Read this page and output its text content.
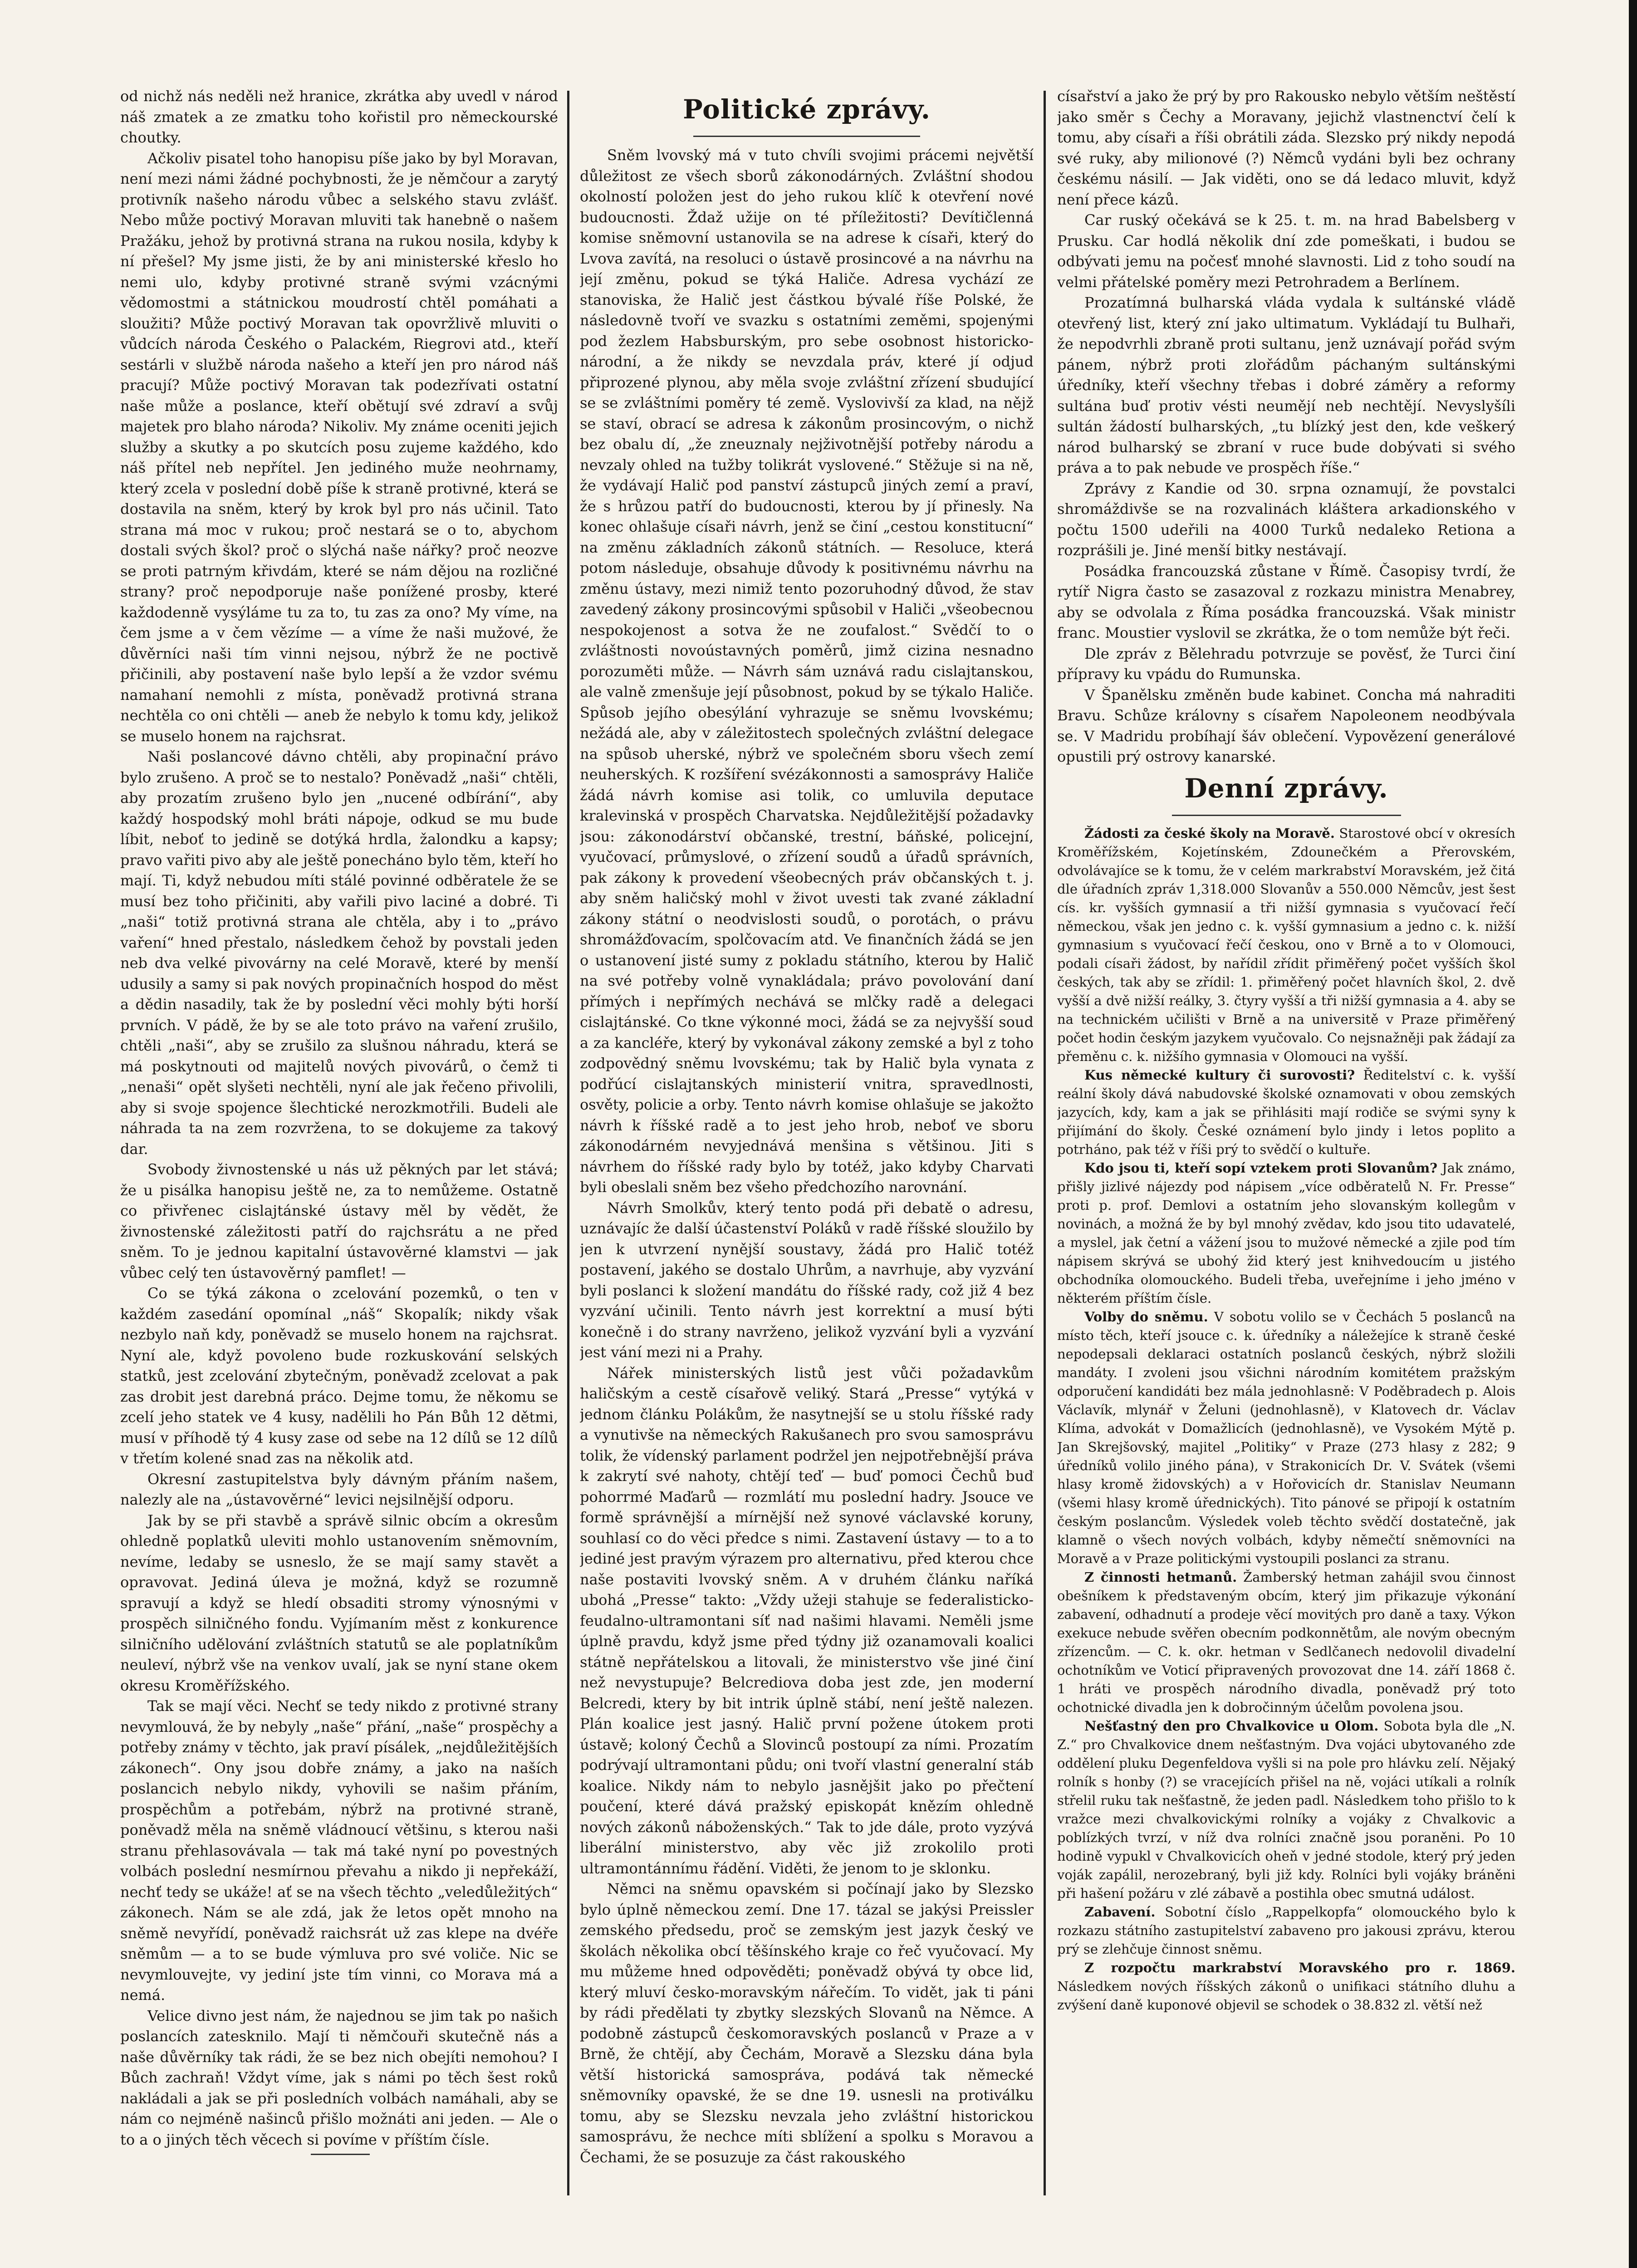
od nichž nás neděli než hranice, zkrátka aby uvedl v národ náš zmatek a ze zmatku toho kořistil pro německourské choutky.

Ačkoliv pisatel toho hanopisu píše jako by byl Moravan, není mezi námi žádné pochybnosti, že je němčour a zarytý protivník našeho národu vůbec a selského stavu zvlášť. Nebo může poctivý Moravan mluviti tak hanebně o našem Pražáku, jehož by protivná strana na rukou nosila, kdyby k ní přešel? My jsme jisti, že by ani ministerské křeslo ho nemi ulo, kdyby protivné straně svými vzácnými vědomostmi a státnickou moudrostí chtěl pomáhati a sloužiti? Může poctivý Moravan tak opovržlivě mluviti o vůdcích národa Českého o Palackém, Riegrovi atd., kteří sestárli v službě národa našeho a kteří jen pro národ náš pracují? Může poctivý Moravan tak podezřívati ostatní naše může a poslance, kteří obětují své zdraví a svůj majetek pro blaho národa? Nikoliv. My známe oceniti jejich služby a skutky a po skutcích posu zujeme každého, kdo náš přítel neb nepřítel. Jen jediného muže neohrnamy, který zcela v poslední době píše k straně protivné, která se dostavila na sněm, který by krok byl pro nás učinil. Tato strana má moc v rukou; proč nestará se o to, abychom dostali svých škol? proč o slýchá naše nářky? proč neozve se proti patrným křivdám, které se nám dějou na rozličné strany? proč nepodporuje naše ponížené prosby, které každodenně vysýláme tu za to, tu zas za ono? My víme, na čem jsme a v čem vězíme — a víme že naši mužové, že důvěrníci naši tím vinni nejsou, nýbrž že ne poctivě přičinili, aby postavení naše bylo lepší a že vzdor svému namahaní nemohli z místa, poněvadž protivná strana nechtěla co oni chtěli — aneb že nebylo k tomu kdy, jelikož se muselo honem na rajchsrat.

Naši poslancové dávno chtěli, aby propinační právo bylo zrušeno. A proč se to nestalo? Poněvadž „naši“ chtěli, aby prozatím zrušeno bylo jen „nucené odbírání“, aby každý hospodský mohl bráti nápoje, odkud se mu bude líbit, neboť to jedině se dotýká hrdla, žalondku a kapsy; pravo vařiti pivo aby ale ještě ponecháno bylo těm, kteří ho mají. Ti, když nebudou míti stálé povinné odběratele že se musí bez toho přičiniti, aby vařili pivo laciné a dobré. Ti „naši“ totiž protivná strana ale chtěla, aby i to „právo vaření“ hned přestalo, následkem čehož by povstali jeden neb dva velké pivovárny na celé Moravě, které by menší udusily a samy si pak nových propinačních hospod do měst a dědin nasadily, tak že by poslední věci mohly býti horší prvních. V pádě, že by se ale toto právo na vaření zrušilo, chtěli „naši“, aby se zrušilo za slušnou náhradu, která se má poskytnouti od majitelů nových pivovárů, o čemž ti „nenaši“ opět slyšeti nechtěli, nyní ale jak řečeno přivolili, aby si svoje spojence šlechtické nerozkmotřili. Budeli ale náhrada ta na zem rozvržena, to se dokujeme za takový dar.

Svobody živnostenské u nás už pěkných par let stává; že u pisálka hanopisu ještě ne, za to nemůžeme. Ostatně co přivřenec cislajtánské ústavy měl by vědět, že živnostenské záležitosti patří do rajchsrátu a ne před sněm. To je jednou kapitalní ústavověrné klamstvi — jak vůbec celý ten ústavověrný pamflet! —

Co se týká zákona o zcelování pozemků, o ten v každém zasedání opomínal „náš“ Skopalík; nikdy však nezbylo naň kdy, poněvadž se muselo honem na rajchsrat. Nyní ale, když povoleno bude rozkuskování selských statků, jest zcelování zbytečným, poněvadž zcelovat a pak zas drobit jest darebná práco. Dejme tomu, že někomu se zcelí jeho statek ve 4 kusy, nadělili ho Pán Bůh 12 dětmi, musí v příhodě tý 4 kusy zase od sebe na 12 dílů se 12 dílů v třetím kolené snad zas na několik atd.

Okresní zastupitelstva byly dávným přáním našem, nalezly ale na „ústavověrné“ levici nejsilnější odporu.

Jak by se při stavbě a správě silnic obcím a okresům ohledně poplatků uleviti mohlo ustanovením sněmovním, nevíme, ledaby se usneslo, že se mají samy stavět a opravovat. Jediná úleva je možná, když se rozumně spravují a když se hledí obsaditi stromy výnosnými v prospěch silničného fondu. Vyjímaním měst z konkurence silničního udělování zvláštních statutů se ale poplatníkům neuleví, nýbrž vše na venkov uvalí, jak se nyní stane okem okresu Kroměřížského.

Tak se mají věci. Nechť se tedy nikdo z protivné strany nevymlouvá, že by nebyly „naše“ přání, „naše“ prospěchy a potřeby známy v těchto, jak praví písálek, „nejdůležitějších zákonech“. Ony jsou dobře známy, a jako na naších poslancich nebylo nikdy, vyhovili se našim přáním, prospěchům a potřebám, nýbrž na protivné straně, poněvadž měla na sněmě vládnoucí většinu, s kterou naši stranu přehlasovávala — tak má také nyní po povestných volbách poslední nesmírnou převahu a nikdo ji nepřekáží, nechť tedy se ukáže! ať se na všech těchto „veledůležitých“ zákonech. Nám se ale zdá, jak že letos opět mnoho na sněmě nevyřídí, poněvadž raichsrát už zas klepe na dvéře sněmům — a to se bude výmluva pro své voliče. Nic se nevymlouvejte, vy jediní jste tím vinni, co Morava má a nemá.

Velice divno jest nám, že najednou se jim tak po našich poslancích zatesknilo. Mají ti němčouři skutečně nás a naše důvěrníky tak rádi, že se bez nich obejíti nemohou? I Bůch zachraň! Vždyt víme, jak s námi po těch šest roků nakládali a jak se při posledních volbách namáhali, aby se nám co nejméně našinců přišlo možnáti ani jeden. — Ale o to a o jiných těch věcech si povíme v příštím čísle.

Politické zprávy.

Sněm lvovský má v tuto chvíli svojimi prácemi největší důležitost ze všech sborů zákonodárných. Zvláštní shodou okolností položen jest do jeho rukou klíč k otevření nové budoucnosti. Ždaž užije on té příležitosti? Devítičlenná komise sněmovní ustanovila se na adrese k císaři, který do Lvova zavítá, na resoluci o ústavě prosincové a na návrhu na její změnu, pokud se týká Haliče. Adresa vychází ze stanoviska, že Halič jest částkou bývalé říše Polské, že následovně tvoří ve svazku s ostatními zeměmi, spojenými pod žezlem Habsburským, pro sebe osobnost historicko-národní, a že nikdy se nevzdala práv, které jí odjud připrozené plynou, aby měla svoje zvláštní zřízení sbudující se se zvláštními poměry té země. Vyslovivší za klad, na nějž se staví, obrací se adresa k zákonům prosincovým, o nichž bez obalu dí, „že zneuznaly nejživotnější potřeby národu a nevzaly ohled na tužby tolikrát vyslovené.“ Stěžuje si na ně, že vydávají Halič pod panství zástupců jiných zemí a praví, že s hrůzou patří do budoucnosti, kterou by jí přinesly. Na konec ohlašuje císaři návrh, jenž se činí „cestou konstitucní“ na změnu základních zákonů státních. — Resoluce, která potom následuje, obsahuje důvody k positivnému návrhu na změnu ústavy, mezi nimiž tento pozoruhodný důvod, že stav zavedený zákony prosincovými spůsobil v Haliči „všeobecnou nespokojenost a sotva že ne zoufalost.“ Svědčí to o zvláštnosti novoústavných poměrů, jimž cizina nesnadno porozuměti může. — Návrh sám uznává radu cislajtanskou, ale valně zmenšuje její působnost, pokud by se týkalo Haliče. Spůsob jejího obesýlání vyhrazuje se sněmu lvovskému; nežádá ale, aby v záležitostech společných zvláštní delegace na spůsob uherské, nýbrž ve společném sboru všech zemí neuherských. K rozšíření svézákonnosti a samosprávy Haliče žádá návrh komise asi tolik, co umluvila deputace kralevinská v prospěch Charvatska. Nejdůležitější požadavky jsou: zákonodárství občanské, trestní, báňské, policejní, vyučovací, průmyslové, o zřízení soudů a úřadů správních, pak zákony k provedení všeobecných práv občanských t. j. aby sněm haličský mohl v život uvesti tak zvané základní zákony státní o neodvislosti soudů, o porotách, o právu shromážďovacím, spolčovacím atd. Ve finančních žádá se jen o ustanovení jisté sumy z pokladu státního, kterou by Halič na své potřeby volně vynakládala; právo povolování daní přímých i nepřímých nechává se mlčky radě a delegaci cislajtánské. Co tkne výkonné moci, žádá se za nejvyšší soud a za kancléře, který by vykonával zákony zemské a byl z toho zodpovědný sněmu lvovskému; tak by Halič byla vynata z podřúcí cislajtanských ministerií vnitra, spravedlnosti, osvěty, policie a orby. Tento návrh komise ohlašuje se jakožto návrh k říšské radě a to jest jeho hrob, neboť ve sboru zákonodárném nevyjednává menšina s většinou. Jiti s návrhem do říšské rady bylo by totéž, jako kdyby Charvati byli obeslali sněm bez všeho předchozího narovnání.

Návrh Smolkův, který tento podá při debatě o adresu, uznávajíc že další účastenství Poláků v radě říšské sloužilo by jen k utvrzení nynější soustavy, žádá pro Halič totéž postavení, jakého se dostalo Uhrům, a navrhuje, aby vyzvání byli poslanci k složení mandátu do říšské rady, což již 4 bez vyzvání učinili. Tento návrh jest korrektní a musí býti konečně i do strany navrženo, jelikož vyzvání byli a vyzvání jest vání mezi ni a Prahy.

Nářek ministerských listů jest vůči požadavkům haličským a cestě císařově veliký. Stará „Presse“ vytýká v jednom článku Polákům, že nasytnejší se u stolu říšské rady a vynutivše na německých Rakušanech pro svou samosprávu tolik, že vídenský parlament podržel jen nejpotřebnější práva k zakrytí své nahoty, chtějí teď — buď pomoci Čechů buď pohorrmé Maďarů — rozmlátí mu poslední hadry. Jsouce ve formě správnější a mírnější než synové václavské koruny, souhlasí co do věci předce s nimi. Zastavení ústavy — to a to jediné jest pravým výrazem pro alternativu, před kterou chce naše postaviti lvovský sněm. A v druhém článku naříká ubohá „Presse“ takto: „Vždy užeji stahuje se federalisticko-feudalno-ultramontani síť nad našimi hlavami. Neměli jsme úplně pravdu, když jsme před týdny již ozanamovali koalici státně nepřátelskou a litovali, že ministerstvo vše jiné činí než nevystupuje? Belcrediova doba jest zde, jen moderní Belcredi, ktery by bit intrik úplně stábí, není ještě nalezen. Plán koalice jest jasný. Halič první požene útokem proti ústavě; koloný Čechů a Slovinců postoupí za ními. Prozatím podrývají ultramontani půdu; oni tvoří vlastní generalní stáb koalice. Nikdy nám to nebylo jasnějšit jako po přečtení poučení, které dává pražský episkopát knězím ohledně nových zákonů náboženských.“ Tak to jde dále, proto vyzývá liberální ministerstvo, aby věc již zrokolilo proti ultramontánnímu řádění. Viděti, že jenom to je sklonku.

Němci na sněmu opavském si počínají jako by Slezsko bylo úplně německou zemí. Dne 17. tázal se jakýsi Preissler zemského předsedu, proč se zemským jest jazyk český ve školách několika obcí těšínského kraje co řeč vyučovací. My mu můžeme hned odpověděti; poněvadž obývá ty obce lid, který mluví česko-moravským nářečím. To vidět, jak ti páni by rádi předělati ty zbytky slezských Slovanů na Němce. A podobně zástupců českomoravských poslanců v Praze a v Brně, že chtějí, aby Čechám, Moravě a Slezsku dána byla větší historická samospráva, podává tak německé sněmovníky opavské, že se dne 19. usnesli na protiválku tomu, aby se Slezsku nevzala jeho zvláštní historickou samosprávu, že nechce míti sblížení a spolku s Moravou a Čechami, že se posuzuje za část rakouského

císařství a jako že prý by pro Rakousko nebylo větším neštěstí jako směr s Čechy a Moravany, jejichž vlastnenctví čelí k tomu, aby císaři a říši obrátili záda. Slezsko prý nikdy nepodá své ruky, aby milionové (?) Němců vydáni byli bez ochrany českému násilí. — Jak viděti, ono se dá ledaco mluvit, když není přece kázů.

Car ruský očekává se k 25. t. m. na hrad Babelsberg v Prusku. Car hodlá několik dní zde pomeškati, i budou se odbývati jemu na počesť mnohé slavnosti. Lid z toho soudí na velmi přátelské poměry mezi Petrohradem a Berlínem.

Prozatímná bulharská vláda vydala k sultánské vládě otevřený list, který zní jako ultimatum. Vykládají tu Bulhaři, že nepodvrhli zbraně proti sultanu, jenž uznávají pořád svým pánem, nýbrž proti zlořádům páchaným sultánskými úředníky, kteří všechny třebas i dobré záměry a reformy sultána buď protiv vésti neumějí neb nechtějí. Nevyslyšíli sultán žádostí bulharských, „tu blízký jest den, kde veškerý národ bulharský se zbraní v ruce bude dobývati si svého práva a to pak nebude ve prospěch říše.“

Zprávy z Kandie od 30. srpna oznamují, že povstalci shromáždivše se na rozvalinách kláštera arkadionského v počtu 1500 udeřili na 4000 Turků nedaleko Retiona a rozprášili je. Jiné menší bitky nestávají.

Posádka francouzská zůstane v Římě. Časopisy tvrdí, že rytíř Nigra často se zasazoval z rozkazu ministra Menabrey, aby se odvolala z Říma posádka francouzská. Však ministr franc. Moustier vyslovil se zkrátka, že o tom nemůže být řeči.

Dle zpráv z Bělehradu potvrzuje se pověsť, že Turci činí přípravy ku vpádu do Rumunska.

V Španělsku změněn bude kabinet. Concha má nahraditi Bravu. Schůze královny s císařem Napoleonem neodbývala se. V Madridu probíhají šáv oblečení. Vypovězení generálové opustili prý ostrovy kanarské.

Denní zprávy.

Žádosti za české školy na Moravě. Starostové obcí v okresích Kroměřížském, Kojetínském, Zdounečkém a Přerovském, odvolávajíce se k tomu, že v celém markrabství Moravském, jež čitá dle úřadních zpráv 1,318.000 Slovanův a 550.000 Němcův, jest šest cís. kr. vyšších gymnasií a tři nižší gymnasia s vyučovací řečí německou, však jen jedno c. k. vyšší gymnasium a jedno c. k. nižší gymnasium s vyučovací řečí českou, ono v Brně a to v Olomouci, podali císaři žádost, by nařídil zřídit přiměřený počet vyšších škol českých, tak aby se zřídil: 1. přiměřený počet hlavních škol, 2. dvě vyšší a dvě nižší reálky, 3. čtyry vyšší a tři nižší gymnasia a 4. aby se na technickém učilišti v Brně a na universitě v Praze přiměřený počet hodin českým jazykem vyučovalo. Co nejsnažněji pak žádají za přeměnu c. k. nižšího gymnasia v Olomouci na vyšší.

Kus německé kultury či surovosti? Ředitelství c. k. vyšší reální školy dává nabudovské školské oznamovati v obou zemských jazycích, kdy, kam a jak se přihlásiti mají rodiče se svými syny k přijímání do školy. České oznámení bylo jindy i letos poplito a potrháno, pak též v říši prý to svědčí o kultuře.

Kdo jsou ti, kteří sopí vztekem proti Slovanům? Jak známo, přišly jizlivé nájezdy pod nápisem „více odběratelů N. Fr. Presse“ proti p. prof. Demlovi a ostatním jeho slovanským kollegům v novinách, a možná že by byl mnohý zvědav, kdo jsou tito udavatelé, a myslel, jak četní a vážení jsou to mužové německé a zjile pod tím nápisem skrývá se ubohý žid který jest knihvedoucím u jistého obchodníka olomouckého. Budeli třeba, uveřejníme i jeho jméno v některém příštím čísle.

Volby do sněmu. V sobotu volilo se v Čechách 5 poslanců na místo těch, kteří jsouce c. k. úředníky a náležejíce k straně české nepodepsali deklaraci ostatních poslanců českých, nýbrž složili mandáty. I zvoleni jsou všichni národním komitétem pražským odporučení kandidáti bez mála jednohlasně: V Poděbradech p. Alois Václavík, mlynář v Želuni (jednohlasně), v Klatovech dr. Václav Klíma, advokát v Domažlicích (jednohlasně), ve Vysokém Mýtě p. Jan Skrejšovský, majitel „Politiky“ v Praze (273 hlasy z 282; 9 úředníků volilo jiného pána), v Strakonicích Dr. V. Svátek (všemi hlasy kromě židovských) a v Hořovicích dr. Stanislav Neumann (všemi hlasy kromě úřednických). Tito pánové se připojí k ostatním českým poslancům. Výsledek voleb těchto svědčí dostatečně, jak klamně o všech nových volbách, kdyby němečtí sněmovníci na Moravě a v Praze politickými vystoupili poslanci za stranu.

Z činnosti hetmanů. Žamberský hetman zahájil svou činnost obešníkem k představeným obcím, který jim přikazuje výkonání zabavení, odhadnutí a prodeje věcí movitých pro daně a taxy. Výkon exekuce nebude svěřen obecním podkonnětům, ale novým obecným zřízencům. — C. k. okr. hetman v Sedlčanech nedovolil divadelní ochotníkům ve Voticí připravených provozovat dne 14. září 1868 č. 1 hráti ve prospěch národního divadla, poněvadž prý toto ochotnické divadla jen k dobročinným účelům povolena jsou.

Nešťastný den pro Chvalkovice u Olom. Sobota byla dle „N. Z.“ pro Chvalkovice dnem nešťastným. Dva vojáci ubytovaného zde oddělení pluku Degenfeldova vyšli si na pole pro hlávku zelí. Nějaký rolník s honby (?) se vracejících přišel na ně, vojáci utíkali a rolník střelil ruku tak nešťastně, že jeden padl. Následkem toho přišlo to k vražce mezi chvalkovickými rolníky a vojáky z Chvalkovic a poblízkých tvrzí, v níž dva rolníci značně jsou poraněni. Po 10 hodině vypukl v Chvalkovicích oheň v jedné stodole, který prý jeden voják zapálil, nerozebraný, byli již kdy. Rolníci byli vojáky bráněni při hašení požáru v zlé zábavě a postihla obec smutná událost.

Zabavení. Sobotní číslo „Rappelkopfa“ olomouckého bylo k rozkazu státního zastupitelství zabaveno pro jakousi zprávu, kterou prý se zlehčuje činnost sněmu.

Z rozpočtu markrabství Moravského pro r. 1869. Následkem nových říšských zákonů o unifikaci státního dluhu a zvýšení daně kuponové objevil se schodek o 38.832 zl. větší než
